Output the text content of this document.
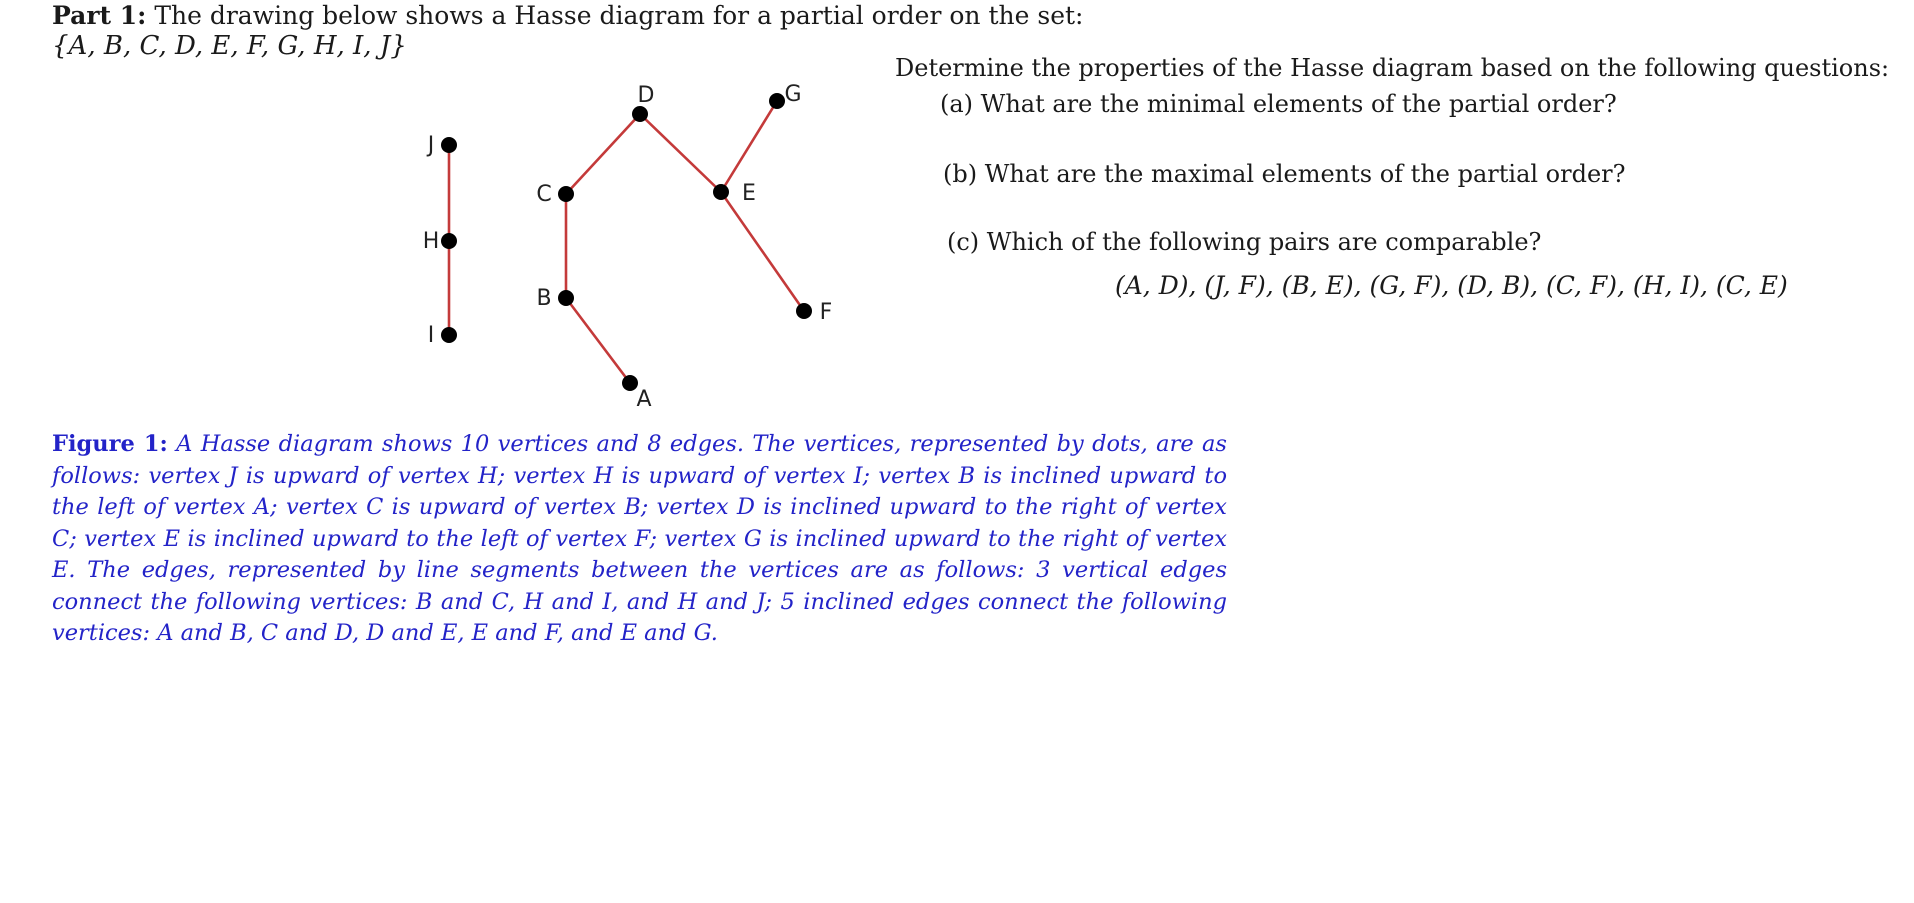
Part 1: The drawing below shows a Hasse diagram for a partial order on the set:
{A, B, C, D, E, F, G, H, I, J}
A
B
C
D
E
F
G
H
I
J
Determine the properties of the Hasse diagram based on the following questions:
(a) What are the minimal elements of the partial order?
(b) What are the maximal elements of the partial order?
(c) Which of the following pairs are comparable?
(A, D), (J, F), (B, E), (G, F), (D, B), (C, F), (H, I), (C, E)
Figure 1: A Hasse diagram shows 10 vertices and 8 edges. The vertices, represented by dots, are as follows: vertex J is upward of vertex H; vertex H is upward of vertex I; vertex B is inclined upward to the left of vertex A; vertex C is upward of vertex B; vertex D is inclined upward to the right of vertex C; vertex E is inclined upward to the left of vertex F; vertex G is inclined upward to the right of vertex E. The edges, represented by line segments between the vertices are as follows: 3 vertical edges connect the following vertices: B and C, H and I, and H and J; 5 inclined edges connect the following vertices: A and B, C and D, D and E, E and F, and E and G.
